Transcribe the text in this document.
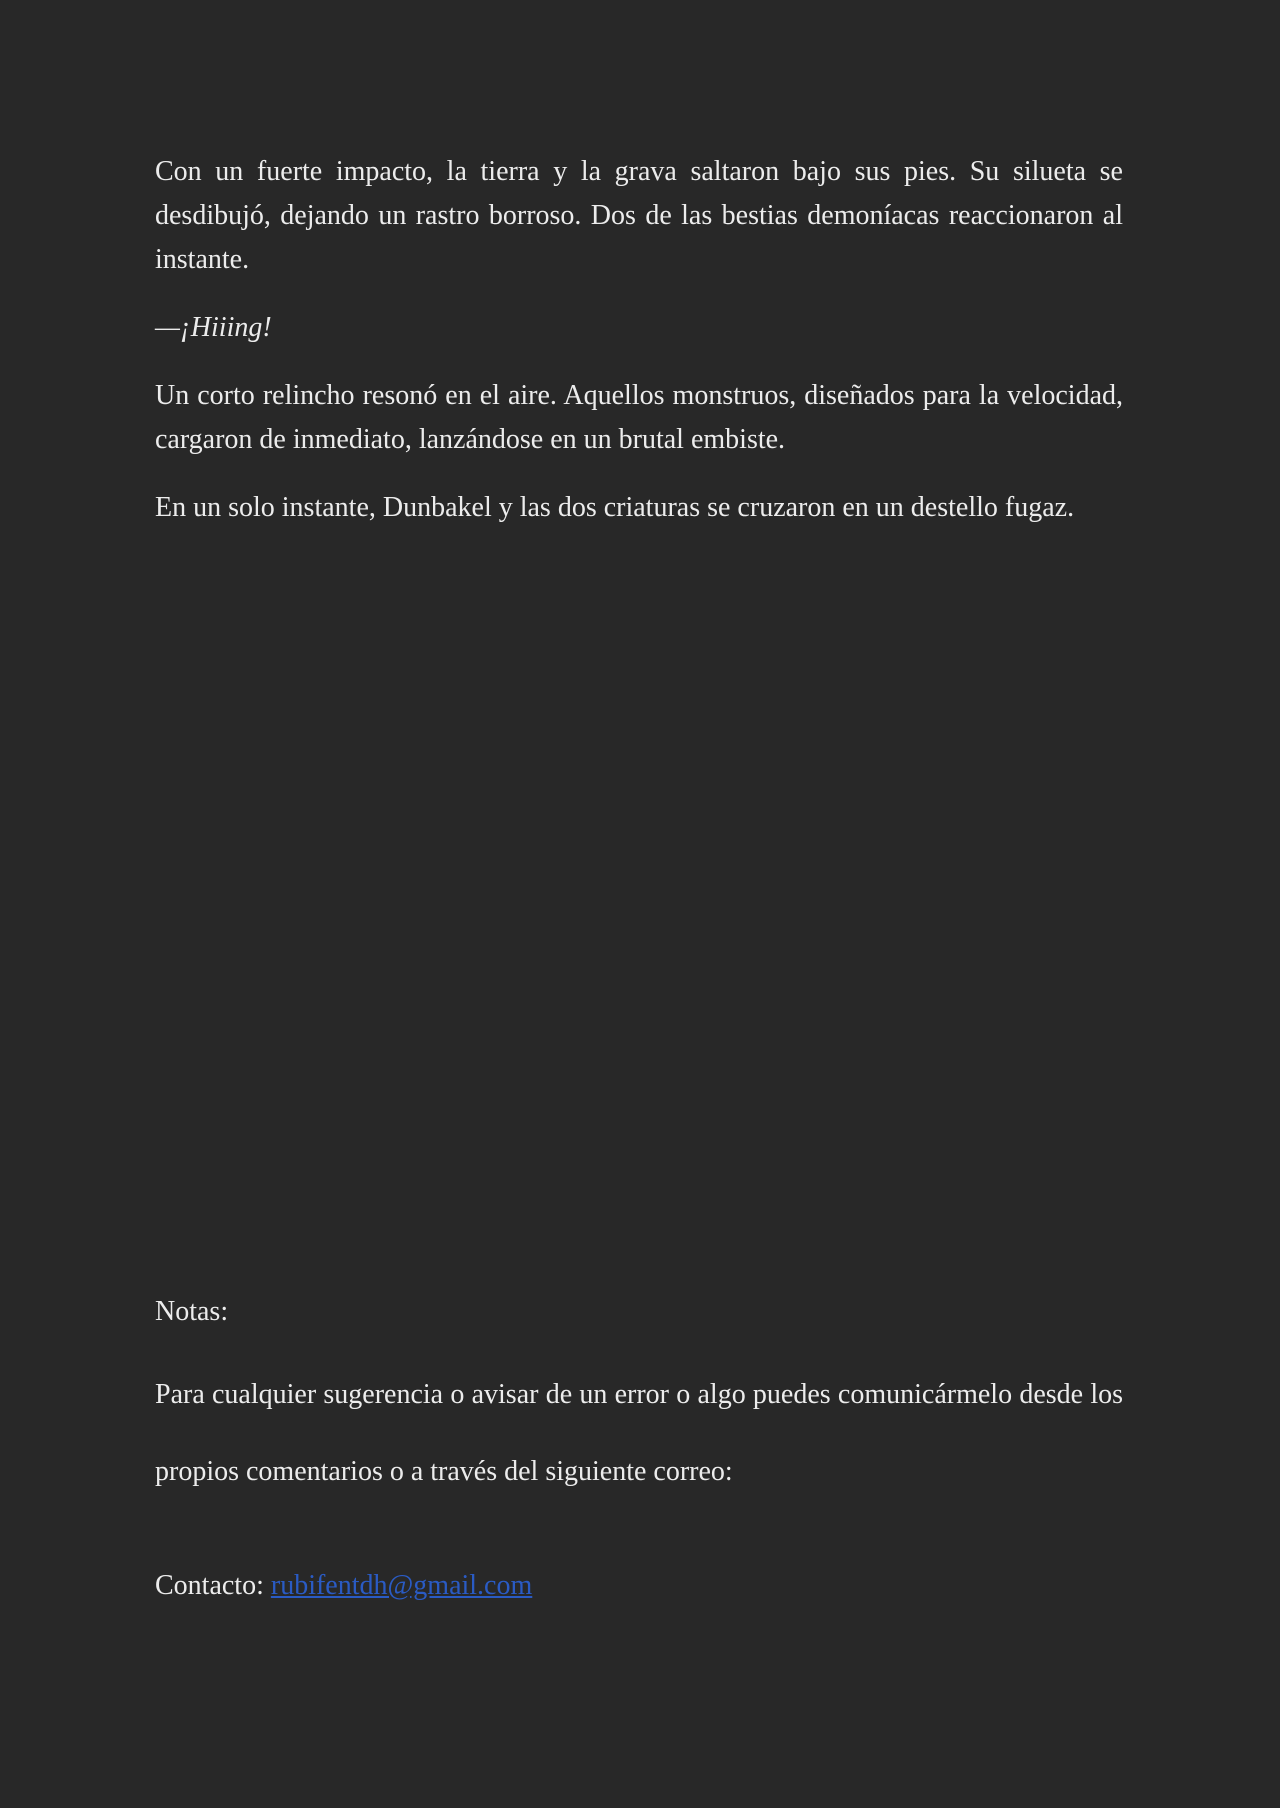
Con un fuerte impacto, la tierra y la grava saltaron bajo sus pies. Su silueta se desdibujó, dejando un rastro borroso. Dos de las bestias demoníacas reaccionaron al instante.

—¡Hiiing!

Un corto relincho resonó en el aire. Aquellos monstruos, diseñados para la velocidad, cargaron de inmediato, lanzándose en un brutal embiste.

En un solo instante, Dunbakel y las dos criaturas se cruzaron en un destello fugaz.

Notas:

Para cualquier sugerencia o avisar de un error o algo puedes comunicármelo desde los propios comentarios o a través del siguiente correo:

Contacto: rubifentdh@gmail.com
